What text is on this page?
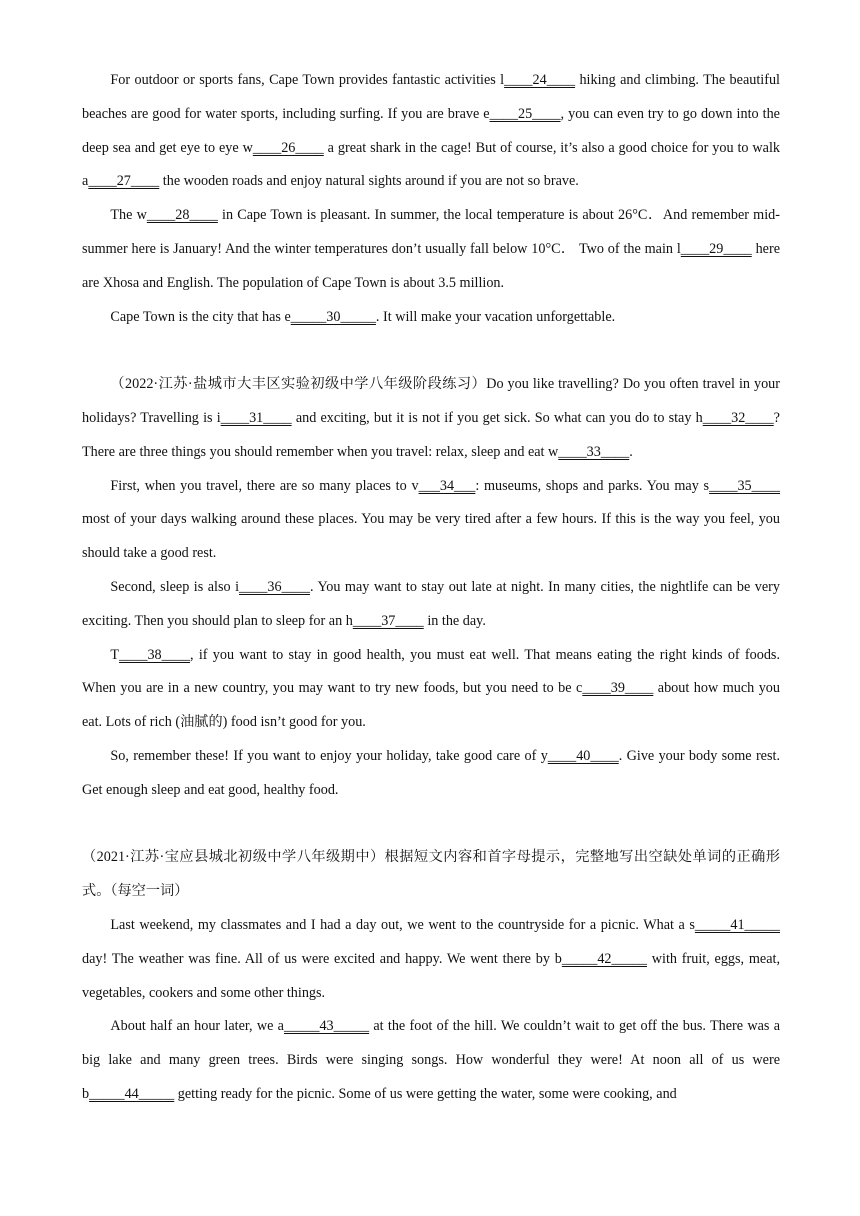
For outdoor or sports fans, Cape Town provides fantastic activities l____24____ hiking and climbing. The beautiful beaches are good for water sports, including surfing. If you are brave e____25____, you can even try to go down into the deep sea and get eye to eye w____26____ a great shark in the cage! But of course, it’s also a good choice for you to walk a____27____ the wooden roads and enjoy natural sights around if you are not so brave.

The w____28____ in Cape Town is pleasant. In summer, the local temperature is about 26°C．And remember mid-summer here is January! And the winter temperatures don’t usually fall below 10°C． Two of the main l____29____ here are Xhosa and English. The population of Cape Town is about 3.5 million.

Cape Town is the city that has e_____30_____. It will make your vacation unforgettable.

（2022·江苏·盐城市大丰区实验初级中学八年级阶段练习）Do you like travelling? Do you often travel in your holidays? Travelling is i____31____ and exciting, but it is not if you get sick. So what can you do to stay h____32____? There are three things you should remember when you travel: relax, sleep and eat w____33____.

First, when you travel, there are so many places to v___34___: museums, shops and parks. You may s____35____ most of your days walking around these places. You may be very tired after a few hours. If this is the way you feel, you should take a good rest.

Second, sleep is also i____36____. You may want to stay out late at night. In many cities, the nightlife can be very exciting. Then you should plan to sleep for an h____37____ in the day.

T____38____, if you want to stay in good health, you must eat well. That means eating the right kinds of foods. When you are in a new country, you may want to try new foods, but you need to be c____39____ about how much you eat. Lots of rich (油腻的) food isn’t good for you.

So, remember these! If you want to enjoy your holiday, take good care of y____40____. Give your body some rest. Get enough sleep and eat good, healthy food.

（2021·江苏·宝应县城北初级中学八年级期中）根据短文内容和首字母提示，完整地写出空缺处单词的正确形式。（每空一词）

Last weekend, my classmates and I had a day out, we went to the countryside for a picnic. What a s_____41_____ day! The weather was fine. All of us were excited and happy. We went there by b_____42_____ with fruit, eggs, meat, vegetables, cookers and some other things.

About half an hour later, we a_____43_____ at the foot of the hill. We couldn’t wait to get off the bus. There was a big lake and many green trees. Birds were singing songs. How wonderful they were! At noon all of us were b_____44_____ getting ready for the picnic. Some of us were getting the water, some were cooking, and
